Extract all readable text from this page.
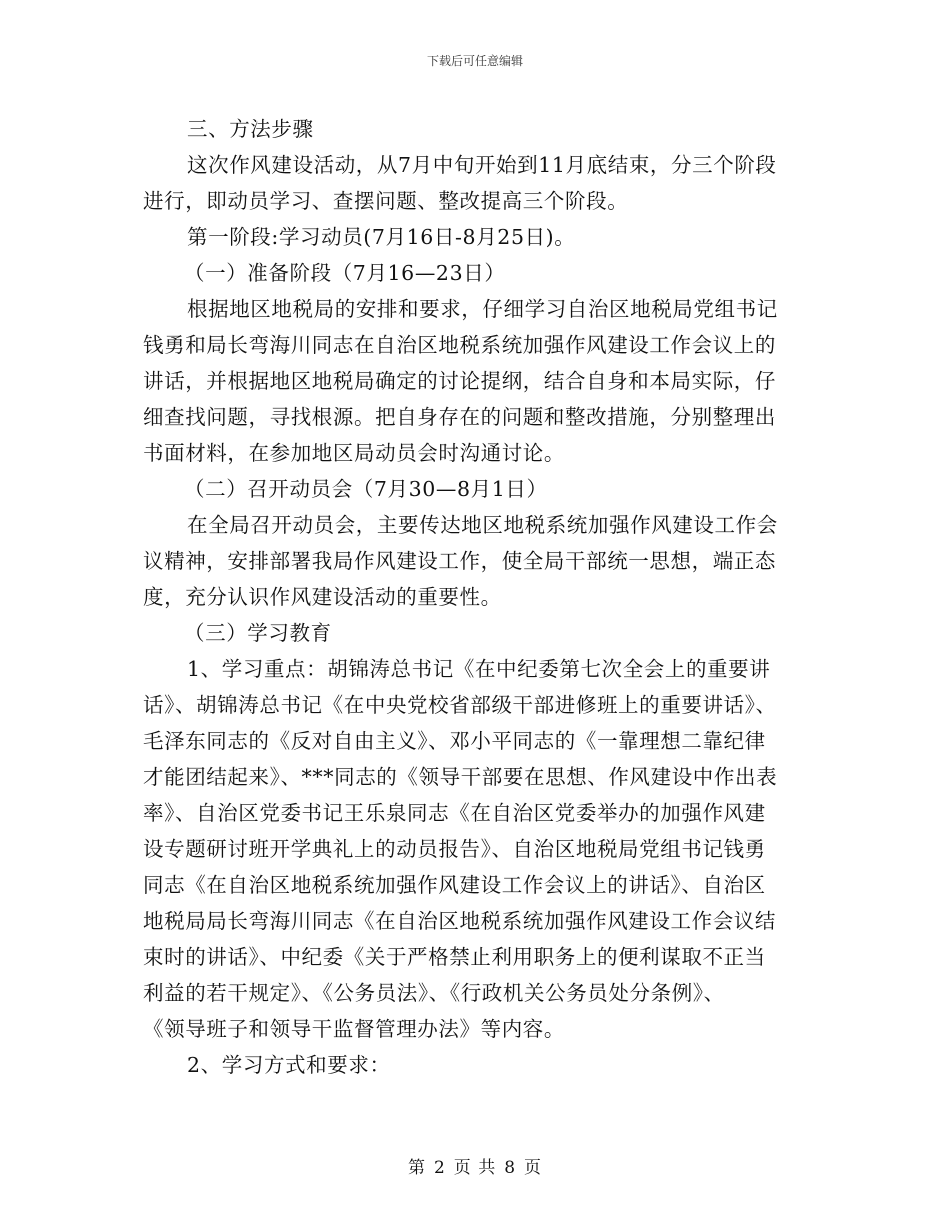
下载后可任意编辑
三、方法步骤
这次作风建设活动，从7月中旬开始到11月底结束，分三个阶段
进行，即动员学习、查摆问题、整改提高三个阶段。
第一阶段:学习动员(7月16日-8月25日)。
（一）准备阶段（7月16—23日）
根据地区地税局的安排和要求，仔细学习自治区地税局党组书记
钱勇和局长弯海川同志在自治区地税系统加强作风建设工作会议上的
讲话，并根据地区地税局确定的讨论提纲，结合自身和本局实际，仔
细查找问题，寻找根源。把自身存在的问题和整改措施，分别整理出
书面材料，在参加地区局动员会时沟通讨论。
（二）召开动员会（7月30—8月1日）
在全局召开动员会，主要传达地区地税系统加强作风建设工作会
议精神，安排部署我局作风建设工作，使全局干部统一思想，端正态
度，充分认识作风建设活动的重要性。
（三）学习教育
1、学习重点：胡锦涛总书记《在中纪委第七次全会上的重要讲
话》、胡锦涛总书记《在中央党校省部级干部进修班上的重要讲话》、
毛泽东同志的《反对自由主义》、邓小平同志的《一靠理想二靠纪律
才能团结起来》、***同志的《领导干部要在思想、作风建设中作出表
率》、自治区党委书记王乐泉同志《在自治区党委举办的加强作风建
设专题研讨班开学典礼上的动员报告》、自治区地税局党组书记钱勇
同志《在自治区地税系统加强作风建设工作会议上的讲话》、自治区
地税局局长弯海川同志《在自治区地税系统加强作风建设工作会议结
束时的讲话》、中纪委《关于严格禁止利用职务上的便利谋取不正当
利益的若干规定》、《公务员法》、《行政机关公务员处分条例》、
《领导班子和领导干监督管理办法》等内容。
2、学习方式和要求：
第 2 页 共 8 页
